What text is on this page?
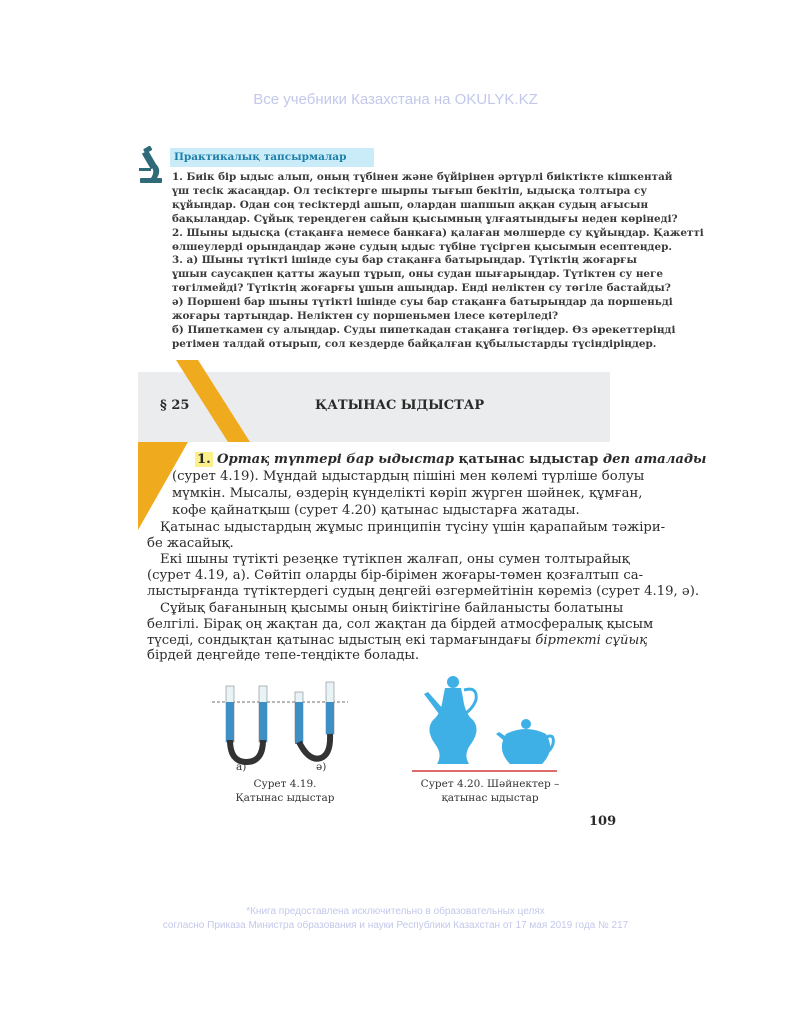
Все учебники Казахстана на OKULYK.KZ
Практикалық тапсырмалар
1. Биік бір ыдыс алып, оның түбінен және бүйірінен әртүрлі биіктікте кішкентай
үш тесік жасаңдар. Ол тесіктерге шырпы тығып бекітіп, ыдысқа толтыра су
құйыңдар. Одан соң тесіктерді ашып, олардан шапшып аққан судың ағысын
бақылаңдар. Сұйық тереңдеген сайын қысымның ұлғаятындығы неден көрінеді?
2. Шыны ыдысқа (стақанға немесе банкаға) қалаған мөлшерде су құйыңдар. Қажетті
өлшеулерді орындаңдар және судың ыдыс түбіне түсірген қысымын есептеңдер.
3. а) Шыны түтікті ішінде суы бар стақанға батырыңдар. Түтіктің жоғарғы
ұшын саусақпен қатты жауып тұрып, оны судан шығарыңдар. Түтіктен су неге
төгілмейді? Түтіктің жоғарғы ұшын ашыңдар. Енді неліктен су төгіле бастайды?
ә) Поршені бар шыны түтікті ішінде суы бар стақанға батырыңдар да поршеньді
жоғары тартыңдар. Неліктен су поршеньмен ілесе көтеріледі?
б) Пипеткамен су алыңдар. Суды пипеткадан стақанға төгіңдер. Өз әрекеттеріңді
ретімен талдай отырып, сол кездерде байқалған құбылыстарды түсіндіріңдер.
§ 25	ҚАТЫНАС ЫДЫСТАР
1. Ортақ түптері бар ыдыстар қатынас ыдыстар деп аталады
(сурет 4.19). Мұндай ыдыстардың пішіні мен көлемі түрліше болуы
мүмкін. Мысалы, өздерің күнделікті көріп жүрген шәйнек, құмған,
кофе қайнатқыш (сурет 4.20) қатынас ыдыстарға жатады.
Қатынас ыдыстардың жұмыс принципін түсіну үшін қарапайым тәжіри-
бе жасайық.
Екі шыны түтікті резеңке түтікпен жалғап, оны сумен толтырайық
(сурет 4.19, а). Сөйтіп оларды бір-бірімен жоғары-төмен қозғалтып са-
лыстырғанда түтіктердегі судың деңгейі өзгермейтінін көреміз (сурет 4.19, ә).
Сұйық бағанының қысымы оның биіктігіне байланысты болатыны
белгілі. Бірақ оң жақтан да, сол жақтан да бірдей атмосфералық қысым
түседі, сондықтан қатынас ыдыстың екі тармағындағы біртекті сұйық
бірдей деңгейде тепе-теңдікте болады.
а)	ә)
Сурет 4.19.
Қатынас ыдыстар
Сурет 4.20. Шәйнектер –
қатынас ыдыстар
109
*Книга предоставлена исключительно в образовательных целях
согласно Приказа Министра образования и науки Республики Казахстан от 17 мая 2019 года № 217
